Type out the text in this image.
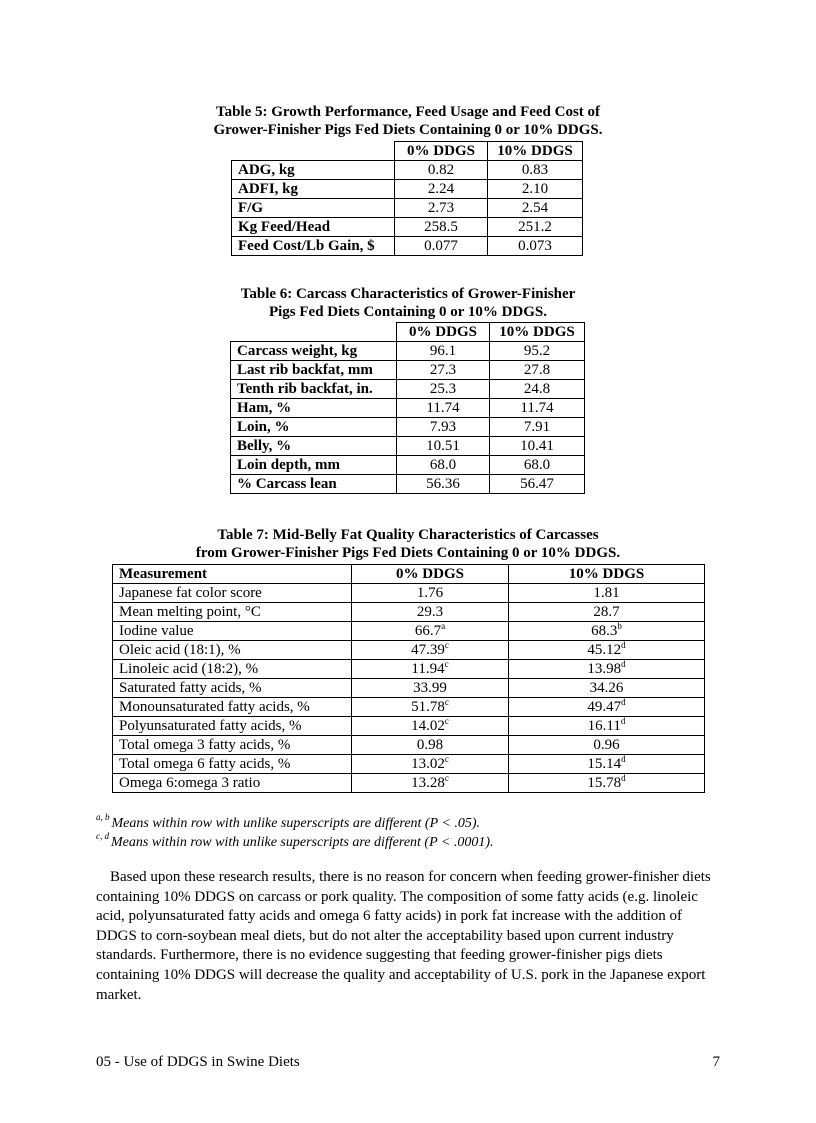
Table 5: Growth Performance, Feed Usage and Feed Cost of
Grower-Finisher Pigs Fed Diets Containing 0 or 10% DDGS.
	0% DDGS	10% DDGS
ADG, kg	0.82	0.83
ADFI, kg	2.24	2.10
F/G	2.73	2.54
Kg Feed/Head	258.5	251.2
Feed Cost/Lb Gain, $	0.077	0.073
Table 6: Carcass Characteristics of Grower-Finisher
Pigs Fed Diets Containing 0 or 10% DDGS.
	0% DDGS	10% DDGS
Carcass weight, kg	96.1	95.2
Last rib backfat, mm	27.3	27.8
Tenth rib backfat, in.	25.3	24.8
Ham, %	11.74	11.74
Loin, %	7.93	7.91
Belly, %	10.51	10.41
Loin depth, mm	68.0	68.0
% Carcass lean	56.36	56.47
Table 7: Mid-Belly Fat Quality Characteristics of Carcasses
from Grower-Finisher Pigs Fed Diets Containing 0 or 10% DDGS.
Measurement	0% DDGS	10% DDGS
Japanese fat color score	1.76	1.81
Mean melting point, °C	29.3	28.7
Iodine value	66.7$^a$	68.3$^b$
Oleic acid (18:1), %	47.39$^c$	45.12$^d$
Linoleic acid (18:2), %	11.94$^c$	13.98$^d$
Saturated fatty acids, %	33.99	34.26
Monounsaturated fatty acids, %	51.78$^c$	49.47$^d$
Polyunsaturated fatty acids, %	14.02$^c$	16.11$^d$
Total omega 3 fatty acids, %	0.98	0.96
Total omega 6 fatty acids, %	13.02$^c$	15.14$^d$
Omega 6:omega 3 ratio	13.28$^c$	15.78$^d$
$^{a, b}$ Means within row with unlike superscripts are different (P < .05).
$^{c, d}$ Means within row with unlike superscripts are different (P < .0001).

Based upon these research results, there is no reason for concern when feeding grower-finisher diets containing 10% DDGS on carcass or pork quality. The composition of some fatty acids (e.g. linoleic acid, polyunsaturated fatty acids and omega 6 fatty acids) in pork fat increase with the addition of DDGS to corn-soybean meal diets, but do not alter the acceptability based upon current industry standards. Furthermore, there is no evidence suggesting that feeding grower-finisher pigs diets containing 10% DDGS will decrease the quality and acceptability of U.S. pork in the Japanese export market.

05 - Use of DDGS in Swine Diets	7
